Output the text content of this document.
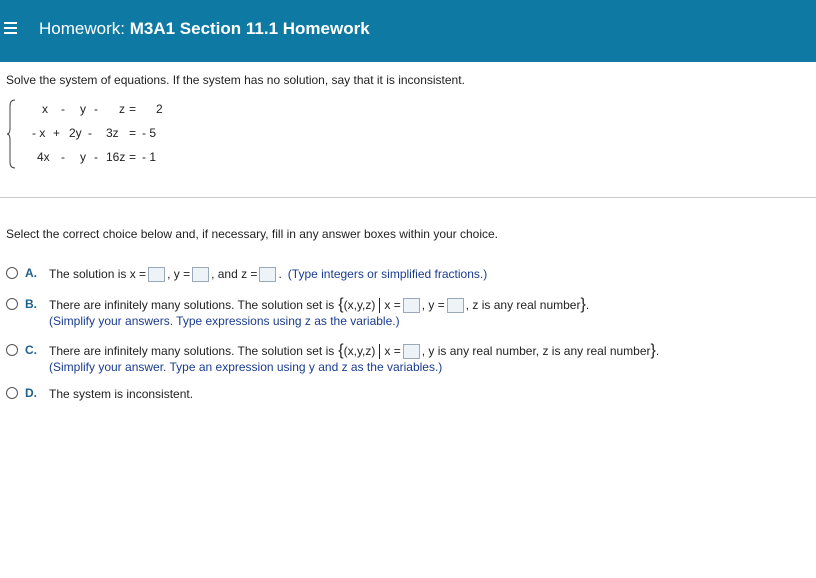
Homework: M3A1 Section 11.1 Homework
Solve the system of equations. If the system has no solution, say that it is inconsistent.
x - y - z = 2
- x + 2y - 3z = - 5
4x - y - 16z = - 1
Select the correct choice below and, if necessary, fill in any answer boxes within your choice.
A. The solution is x = , y = , and z = . (Type integers or simplified fractions.)
B. There are infinitely many solutions. The solution set is { (x,y,z) x = , y = , z is any real number } .
(Simplify your answers. Type expressions using z as the variable.)
C. There are infinitely many solutions. The solution set is { (x,y,z) x = , y is any real number, z is any real number } .
(Simplify your answer. Type an expression using y and z as the variables.)
D. The system is inconsistent.
